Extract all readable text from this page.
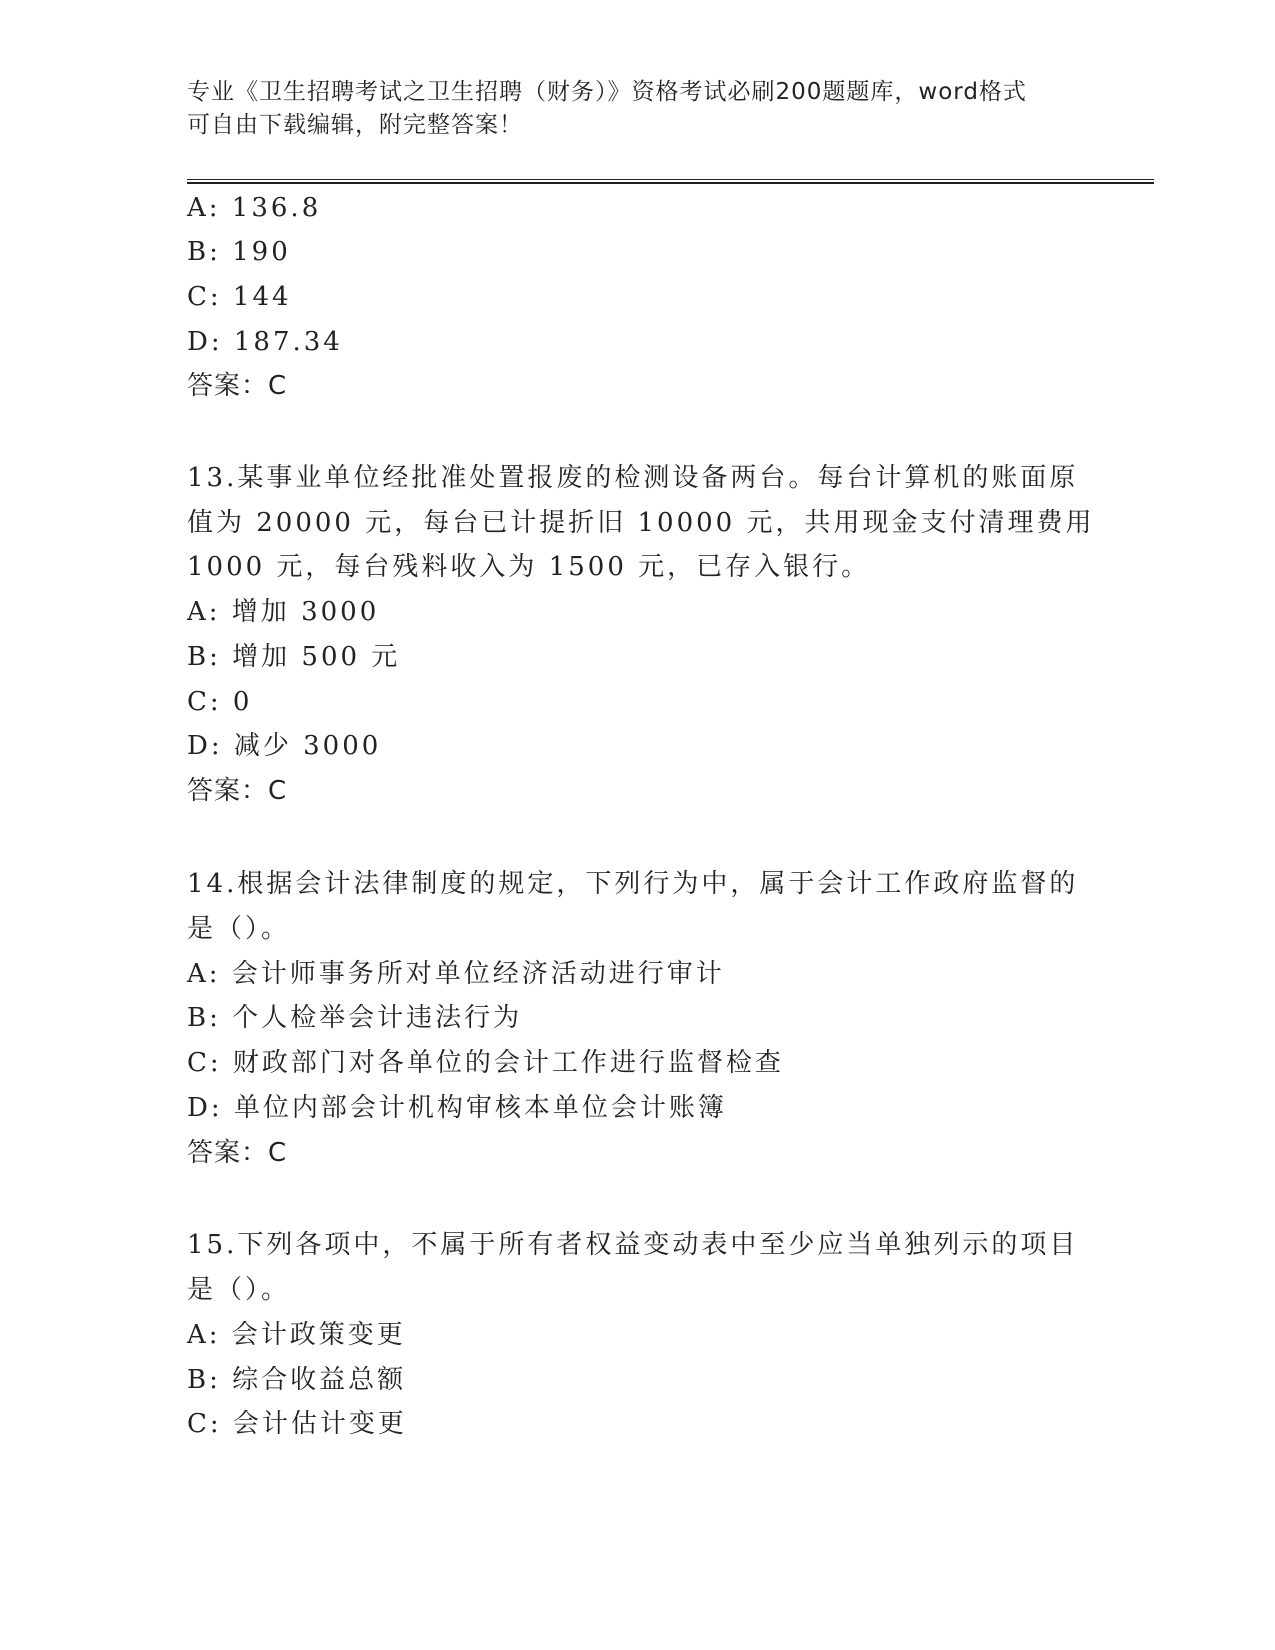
专业《卫生招聘考试之卫生招聘（财务）》资格考试必刷200题题库，word格式
可自由下载编辑，附完整答案！
A: 136.8
B: 190
C: 144
D: 187.34
答案：C
13.某事业单位经批准处置报废的检测设备两台。每台计算机的账面原
值为 20000 元，每台已计提折旧 10000 元，共用现金支付清理费用
1000 元，每台残料收入为 1500 元，已存入银行。
A: 增加 3000
B: 增加 500 元
C: 0
D: 减少 3000
答案：C
14.根据会计法律制度的规定，下列行为中，属于会计工作政府监督的
是（）。
A: 会计师事务所对单位经济活动进行审计
B: 个人检举会计违法行为
C: 财政部门对各单位的会计工作进行监督检查
D: 单位内部会计机构审核本单位会计账簿
答案：C
15.下列各项中，不属于所有者权益变动表中至少应当单独列示的项目
是（）。
A: 会计政策变更
B: 综合收益总额
C: 会计估计变更
